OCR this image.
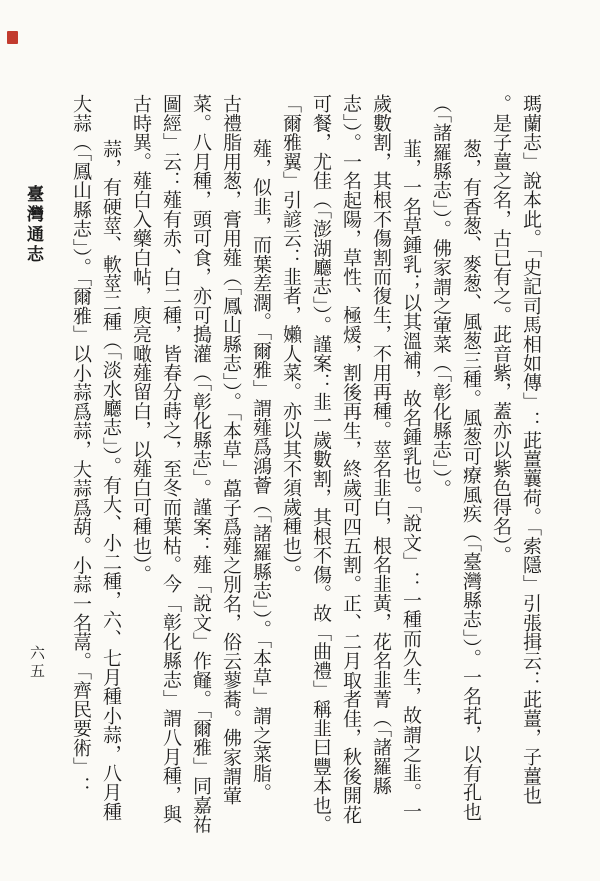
臺灣通志	瑪蘭志」說本此。「史記司馬相如傳」：茈薑蘘荷。「索隱」引張揖云：茈薑，子薑也
。是子薑之名，古已有之。茈音紫，蓋亦以紫色得名）。
葱，有香葱、麥葱、風葱三種。風葱可療風疾（「臺灣縣志」）。一名芤，以有孔也
（「諸羅縣志」）。佛家謂之葷菜（「彰化縣志」）。
韮，一名草鍾乳；以其溫補，故名鍾乳也。「說文」：一種而久生，故謂之韭。一
歲數割，其根不傷割而復生，不用再種。莖名韭白，根名韭黃，花名韭菁（「諸羅縣
志」）。一名起陽，草性、極煖，割後再生，終歲可四五割。正、二月取者佳，秋後開花
可餐，尤佳（「澎湖廳志」）。謹案：韭一歲數割，其根不傷。故「曲禮」稱韭曰豐本也。
「爾雅翼」引諺云：韭者，嬾人菜。亦以其不須歲種也）。
薤，似韭，而葉差濶。「爾雅」謂薤爲鴻薈（「諸羅縣志」）。「本草」謂之菜脂。
古禮脂用葱，膏用薤（「鳳山縣志」）。「本草」藠子爲薤之別名，俗云蓼蕎。佛家謂葷
菜。八月種，頭可食，亦可搗灌（「彰化縣志」。謹案：薤「說文」作䪥。「爾雅」同嘉祐
圖經」云：薤有赤、白二種，皆春分蒔之，至冬而葉枯。今「彰化縣志」謂八月種，與
古時異。薤白入藥白帖，庾亮噉薤留白，以薤白可種也）。
蒜，有硬莖、軟莖二種（「淡水廳志」）。有大、小二種，六、七月種小蒜，八月種
大蒜（「鳳山縣志」）。「爾雅」以小蒜爲蒜，大蒜爲葫。小蒜一名蒚。「齊民要術」：
六五
